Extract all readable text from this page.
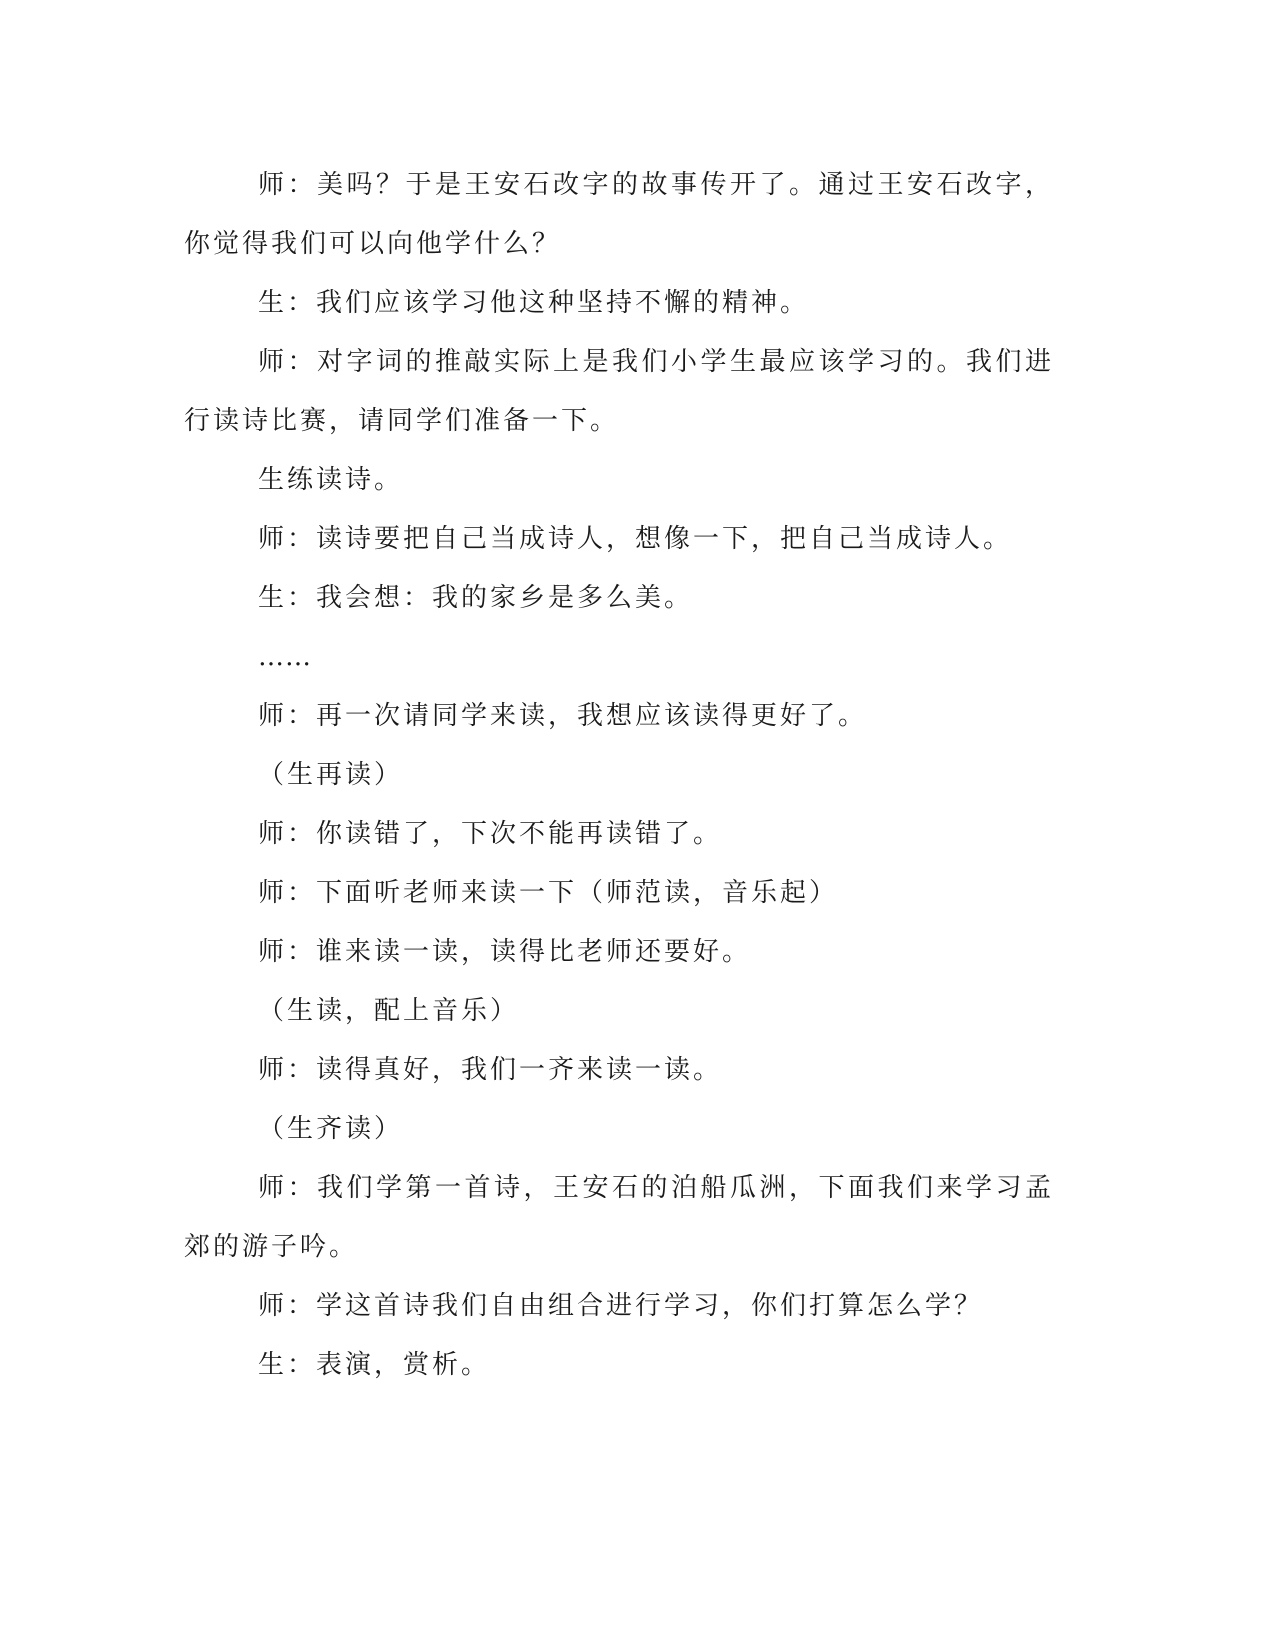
师：美吗？于是王安石改字的故事传开了。通过王安石改字，你觉得我们可以向他学什么？

生：我们应该学习他这种坚持不懈的精神。

师：对字词的推敲实际上是我们小学生最应该学习的。我们进行读诗比赛，请同学们准备一下。

生练读诗。

师：读诗要把自己当成诗人，想像一下，把自己当成诗人。

生：我会想：我的家乡是多么美。

……

师：再一次请同学来读，我想应该读得更好了。

（生再读）

师：你读错了，下次不能再读错了。

师：下面听老师来读一下（师范读，音乐起）

师：谁来读一读，读得比老师还要好。

（生读，配上音乐）

师：读得真好，我们一齐来读一读。

（生齐读）

师：我们学第一首诗，王安石的泊船瓜洲，下面我们来学习孟郊的游子吟。

师：学这首诗我们自由组合进行学习，你们打算怎么学？

生：表演，赏析。
